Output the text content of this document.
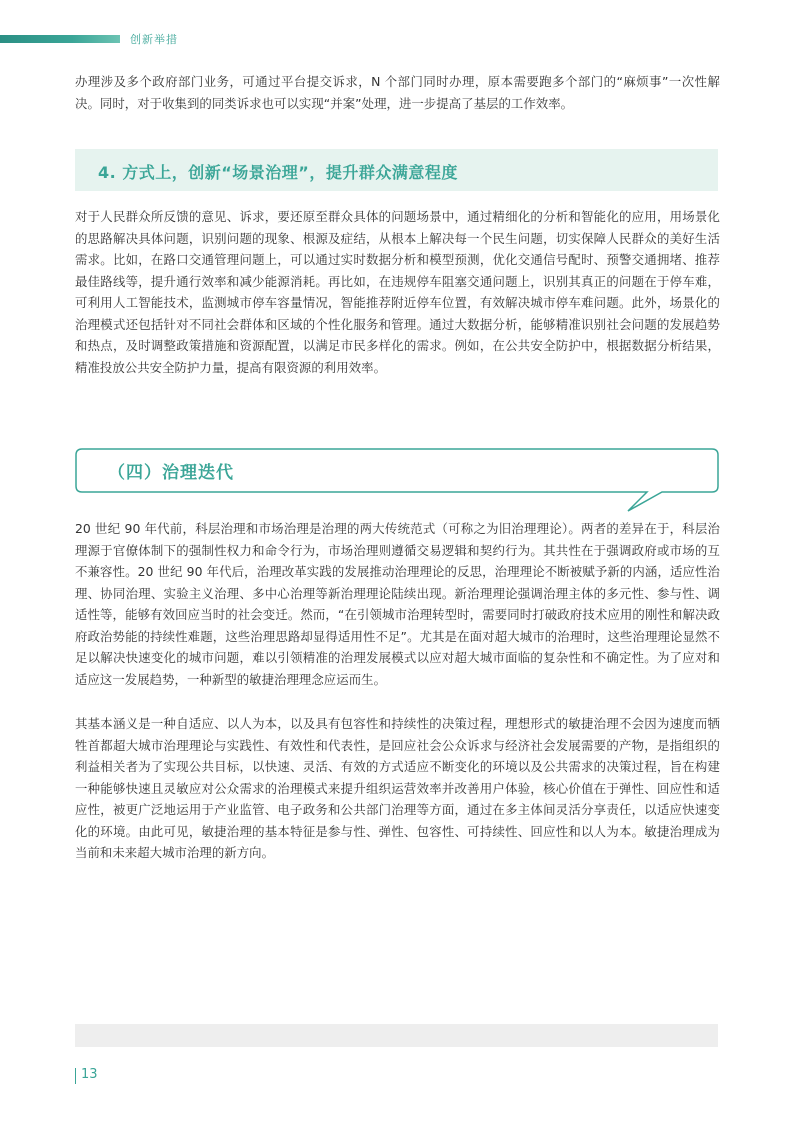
创新举措

办理涉及多个政府部门业务，可通过平台提交诉求，N 个部门同时办理，原本需要跑多个部门的“麻烦事”一次性解决。同时，对于收集到的同类诉求也可以实现“并案”处理，进一步提高了基层的工作效率。

4. 方式上，创新“场景治理”，提升群众满意程度

对于人民群众所反馈的意见、诉求，要还原至群众具体的问题场景中，通过精细化的分析和智能化的应用，用场景化的思路解决具体问题，识别问题的现象、根源及症结，从根本上解决每一个民生问题，切实保障人民群众的美好生活需求。比如，在路口交通管理问题上，可以通过实时数据分析和模型预测，优化交通信号配时、预警交通拥堵、推荐最佳路线等，提升通行效率和减少能源消耗。再比如，在违规停车阻塞交通问题上，识别其真正的问题在于停车难，可利用人工智能技术，监测城市停车容量情况，智能推荐附近停车位置，有效解决城市停车难问题。此外，场景化的治理模式还包括针对不同社会群体和区域的个性化服务和管理。通过大数据分析，能够精准识别社会问题的发展趋势和热点，及时调整政策措施和资源配置，以满足市民多样化的需求。例如，在公共安全防护中，根据数据分析结果，精准投放公共安全防护力量，提高有限资源的利用效率。

（四）治理迭代

20 世纪 90 年代前，科层治理和市场治理是治理的两大传统范式（可称之为旧治理理论）。两者的差异在于，科层治理源于官僚体制下的强制性权力和命令行为，市场治理则遵循交易逻辑和契约行为。其共性在于强调政府或市场的互不兼容性。20 世纪 90 年代后，治理改革实践的发展推动治理理论的反思，治理理论不断被赋予新的内涵，适应性治理、协同治理、实验主义治理、多中心治理等新治理理论陆续出现。新治理理论强调治理主体的多元性、参与性、调适性等，能够有效回应当时的社会变迁。然而，“在引领城市治理转型时，需要同时打破政府技术应用的刚性和解决政府政治势能的持续性难题，这些治理思路却显得适用性不足”。尤其是在面对超大城市的治理时，这些治理理论显然不足以解决快速变化的城市问题，难以引领精准的治理发展模式以应对超大城市面临的复杂性和不确定性。为了应对和适应这一发展趋势，一种新型的敏捷治理理念应运而生。

其基本涵义是一种自适应、以人为本，以及具有包容性和持续性的决策过程，理想形式的敏捷治理不会因为速度而牺牲首都超大城市治理理论与实践性、有效性和代表性，是回应社会公众诉求与经济社会发展需要的产物，是指组织的利益相关者为了实现公共目标，以快速、灵活、有效的方式适应不断变化的环境以及公共需求的决策过程，旨在构建一种能够快速且灵敏应对公众需求的治理模式来提升组织运营效率并改善用户体验，核心价值在于弹性、回应性和适应性，被更广泛地运用于产业监管、电子政务和公共部门治理等方面，通过在多主体间灵活分享责任，以适应快速变化的环境。由此可见，敏捷治理的基本特征是参与性、弹性、包容性、可持续性、回应性和以人为本。敏捷治理成为当前和未来超大城市治理的新方向。

13
